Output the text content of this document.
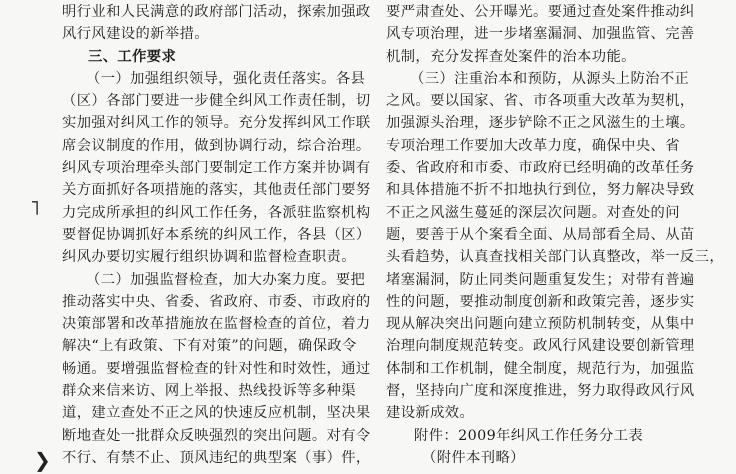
明行业和人民满意的政府部门活动，探索加强政
风行风建设的新举措。
三、工作要求
（一）加强组织领导，强化责任落实。各县
（区）各部门要进一步健全纠风工作责任制，切
实加强对纠风工作的领导。充分发挥纠风工作联
席会议制度的作用，做到协调行动，综合治理。
纠风专项治理牵头部门要制定工作方案并协调有
关方面抓好各项措施的落实，其他责任部门要努
力完成所承担的纠风工作任务，各派驻监察机构
要督促协调抓好本系统的纠风工作，各县（区）
纠风办要切实履行组织协调和监督检查职责。
（二）加强监督检查，加大办案力度。要把
推动落实中央、省委、省政府、市委、市政府的
决策部署和改革措施放在监督检查的首位，着力
解决“上有政策、下有对策”的问题，确保政令
畅通。要增强监督检查的针对性和时效性，通过
群众来信来访、网上举报、热线投诉等多种渠
道，建立查处不正之风的快速反应机制，坚决果
断地查处一批群众反映强烈的突出问题。对有令
不行、有禁不止、顶风违纪的典型案（事）件，
要严肃查处、公开曝光。要通过查处案件推动纠
风专项治理，进一步堵塞漏洞、加强监管、完善
机制，充分发挥查处案件的治本功能。
（三）注重治本和预防，从源头上防治不正
之风。要以国家、省、市各项重大改革为契机，
加强源头治理，逐步铲除不正之风滋生的土壤。
专项治理工作要加大改革力度，确保中央、省
委、省政府和市委、市政府已经明确的改革任务
和具体措施不折不扣地执行到位，努力解决导致
不正之风滋生蔓延的深层次问题。对查处的问
题，要善于从个案看全面、从局部看全局、从苗
头看趋势，认真查找相关部门认真整改，举一反三，
堵塞漏洞，防止同类问题重复发生；对带有普遍
性的问题，要推动制度创新和政策完善，逐步实
现从解决突出问题向建立预防机制转变，从集中
治理向制度规范转变。政风行风建设要创新管理
体制和工作机制，健全制度，规范行为，加强监
督，坚持向广度和深度推进，努力取得政风行风
建设新成效。
附件：2009年纠风工作任务分工表
（附件本刊略）
˥
❯
